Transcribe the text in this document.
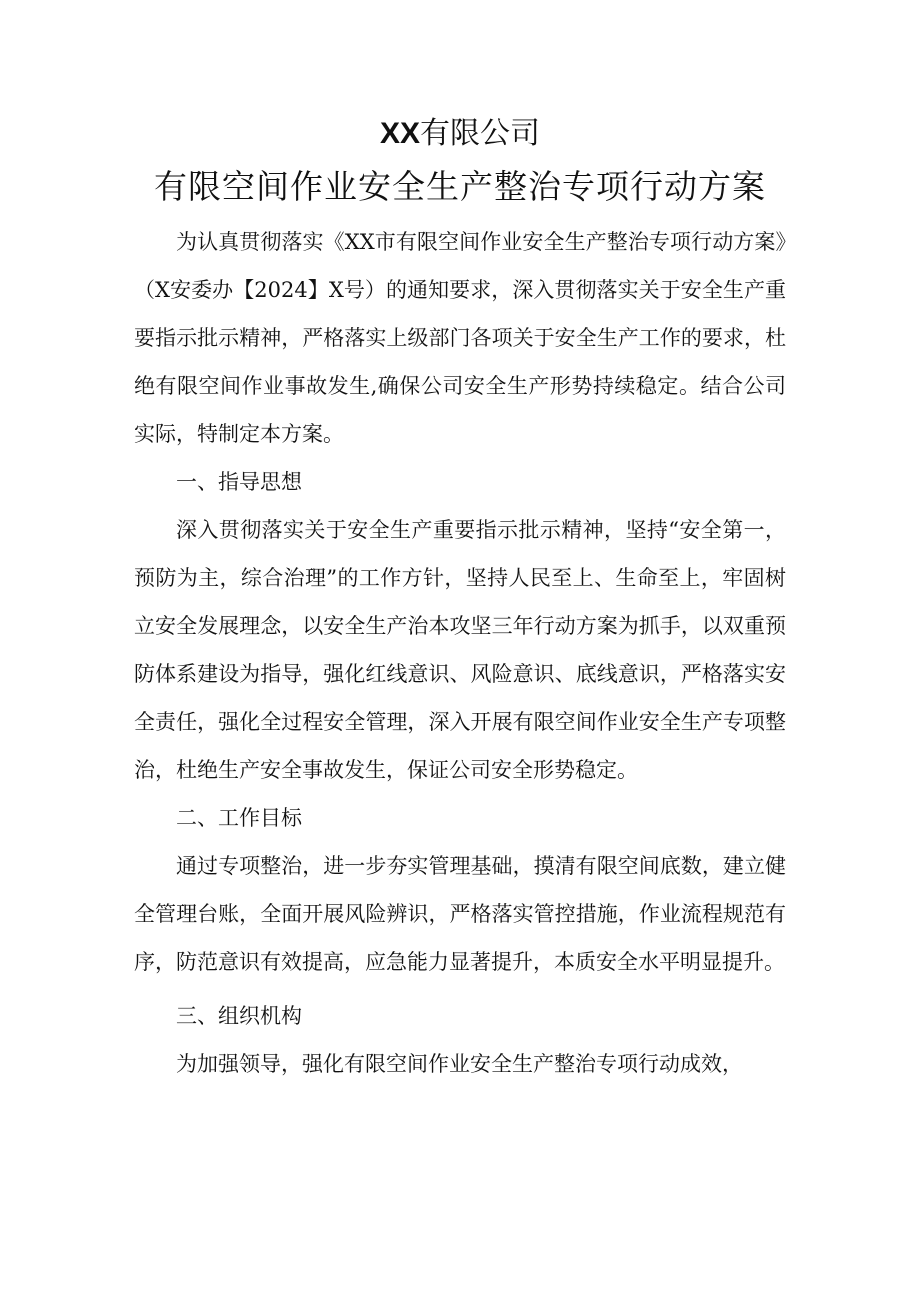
XX有限公司
有限空间作业安全生产整治专项行动方案

为认真贯彻落实《XX市有限空间作业安全生产整治专项行动方案》（X安委办【2024】X号）的通知要求，深入贯彻落实关于安全生产重要指示批示精神，严格落实上级部门各项关于安全生产工作的要求，杜绝有限空间作业事故发生,确保公司安全生产形势持续稳定。结合公司实际，特制定本方案。

一、指导思想

深入贯彻落实关于安全生产重要指示批示精神，坚持“安全第一，预防为主，综合治理”的工作方针，坚持人民至上、生命至上，牢固树立安全发展理念，以安全生产治本攻坚三年行动方案为抓手，以双重预防体系建设为指导，强化红线意识、风险意识、底线意识，严格落实安全责任，强化全过程安全管理，深入开展有限空间作业安全生产专项整治，杜绝生产安全事故发生，保证公司安全形势稳定。

二、工作目标

通过专项整治，进一步夯实管理基础，摸清有限空间底数，建立健全管理台账，全面开展风险辨识，严格落实管控措施，作业流程规范有序，防范意识有效提高，应急能力显著提升，本质安全水平明显提升。

三、组织机构

为加强领导，强化有限空间作业安全生产整治专项行动成效，
